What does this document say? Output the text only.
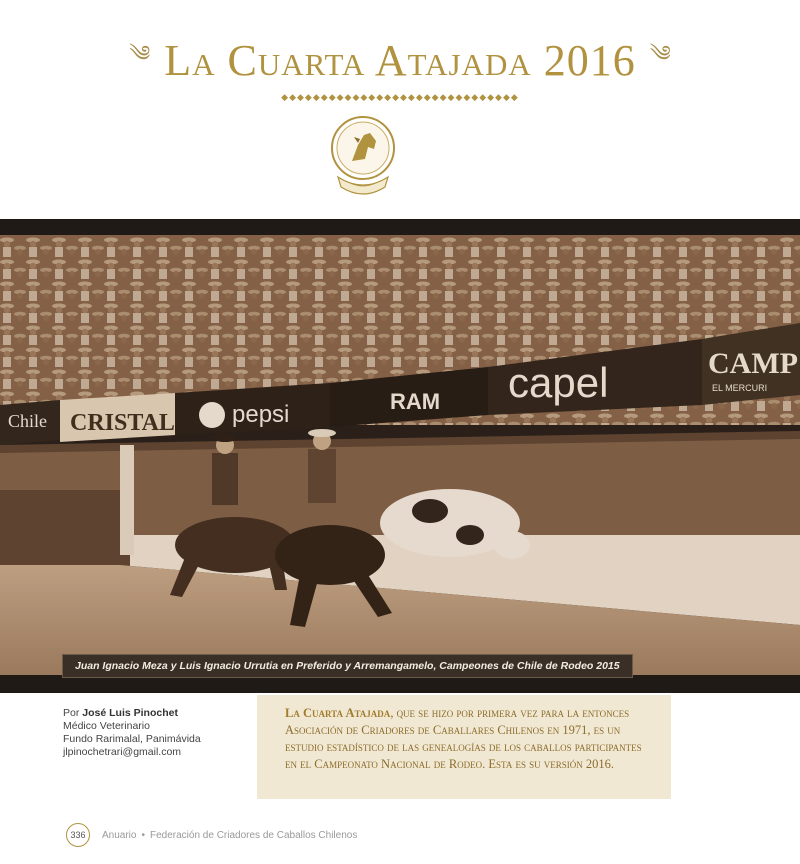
༄ La Cuarta Atajada 2016 ༄
◆◆◆◆◆◆◆◆◆◆◆◆◆◆◆◆◆◆◆◆◆◆◆◆◆◆◆◆◆◆
Chile CRISTAL pepsi	RAM capel	CAMP
EL MERCURI
Juan Ignacio Meza y Luis Ignacio Urrutia en Preferido y Arremangamelo, Campeones de Chile de Rodeo 2015
Por José Luis Pinochet
Médico Veterinario
Fundo Rarimalal, Panimávida
jlpinochetrari@gmail.com
La Cuarta Atajada, que se hizo por primera vez para la entonces Asociación de Criadores de Caballares Chilenos en 1971, es un estudio estadístico de las genealogías de los caballos participantes en el Campeonato Nacional de Rodeo. Esta es su versión 2016.
336	Anuario • Federación de Criadores de Caballos Chilenos
